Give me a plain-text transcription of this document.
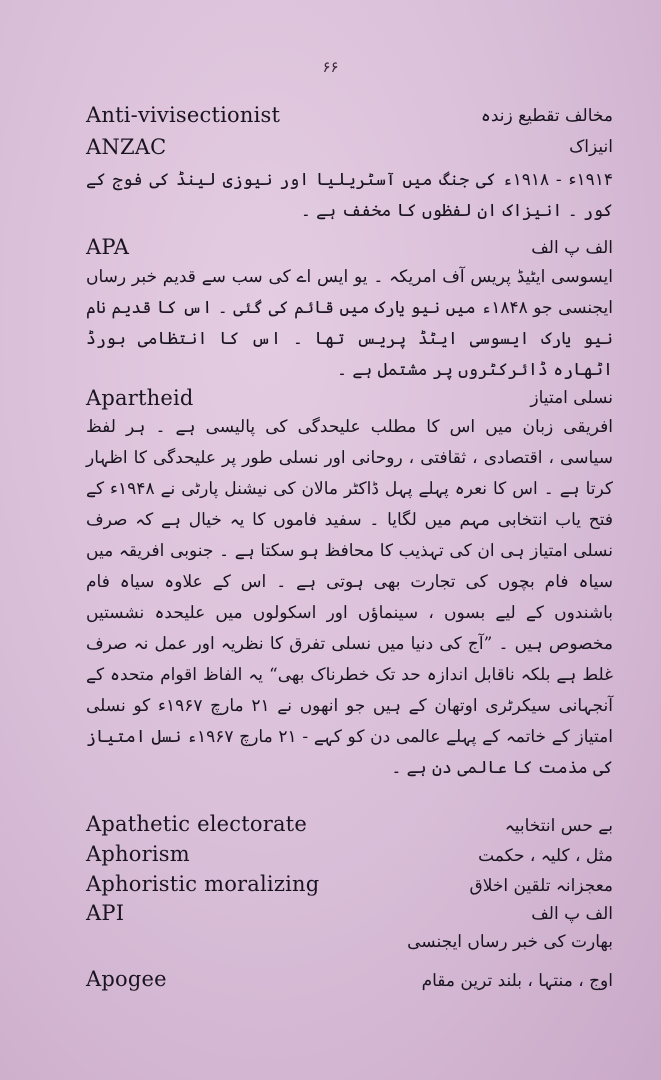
۶۶
Anti-vivisectionist	مخالف تقطیع زندہ
ANZAC	انیزاک
۱۹۱۴ء - ۱۹۱۸ء کی جنگ میں آسٹریلیا اور نیوزی لینڈ کی فوج کے کور ۔ انیزاک ان لفظوں کا مخفف ہے ۔
APA	الف پ الف
ایسوسی ایٹیڈ پریس آف امریکہ ۔ یو ایس اے کی سب سے قدیم خبر رساں ایجنسی جو ۱۸۴۸ء میں نیو یارک میں قائم کی گئی ۔ اس کا قدیم نام نیو یارک ایسوسی ایٹڈ پریس تھا ۔ اس کا انتظامی بورڈ اٹھارہ ڈائرکٹروں پر مشتمل ہے ۔
Apartheid	نسلی امتیاز
افریقی زبان میں اس کا مطلب علیحدگی کی پالیسی ہے ۔ ہر لفظ سیاسی ، اقتصادی ، ثقافتی ، روحانی اور نسلی طور پر علیحدگی کا اظہار کرتا ہے ۔ اس کا نعرہ پہلے پہل ڈاکٹر مالان کی نیشنل پارٹی نے ۱۹۴۸ء کے فتح یاب انتخابی مہم میں لگایا ۔ سفید فاموں کا یہ خیال ہے کہ صرف نسلی امتیاز ہی ان کی تہذیب کا محافظ ہو سکتا ہے ۔ جنوبی افریقہ میں سیاہ فام بچوں کی تجارت بھی ہوتی ہے ۔ اس کے علاوہ سیاہ فام باشندوں کے لیے بسوں ، سینماؤں اور اسکولوں میں علیحدہ نشستیں مخصوص ہیں ۔ ”آج کی دنیا میں نسلی تفرق کا نظریہ اور عمل نہ صرف غلط ہے بلکہ ناقابل اندازہ حد تک خطرناک بھی“ یہ الفاظ اقوام متحدہ کے آنجہانی سیکرٹری اوتھان کے ہیں جو انھوں نے ۲۱ مارچ ۱۹۶۷ء کو نسلی امتیاز کے خاتمہ کے پہلے عالمی دن کو کہے - ۲۱ مارچ ۱۹۶۷ء نسل امتیاز کی مذمت کا عالمی دن ہے ۔
Apathetic electorate	بے حس انتخابیہ
Aphorism	مثل ، کلیہ ، حکمت
Aphoristic moralizing	معجزانہ تلقین اخلاق
API	الف پ الف
بھارت کی خبر رساں ایجنسی
Apogee	اوج ، منتہا ، بلند ترین مقام
